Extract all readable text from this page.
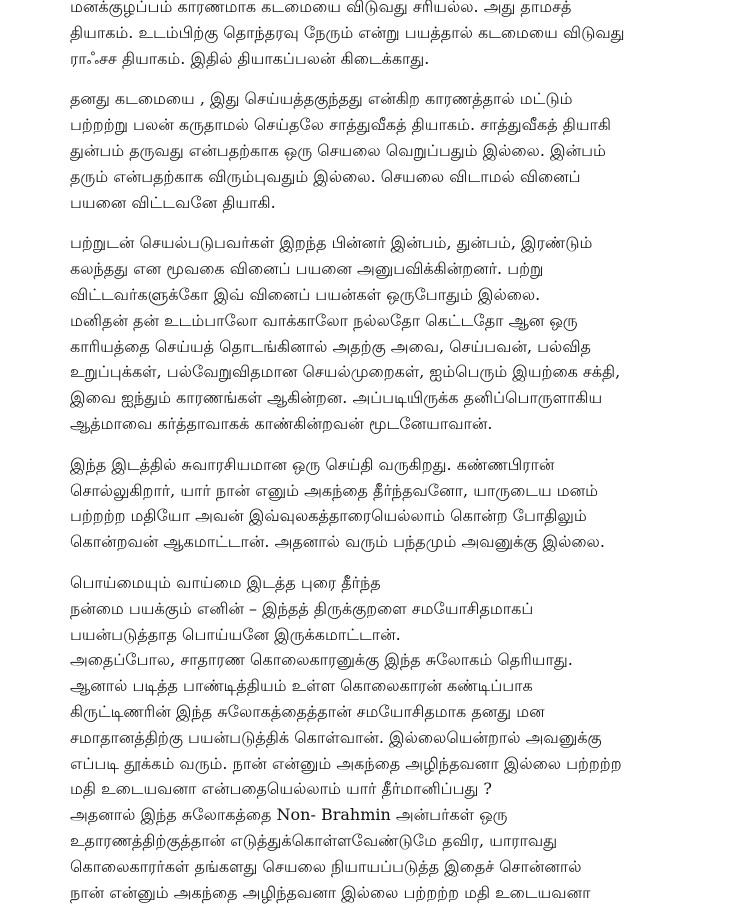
மனக்குழப்பம் காரணமாக கடமையை விடுவது சரியல்ல. அது தாமசத்
தியாகம். உடம்பிற்கு தொந்தரவு நேரும் என்று பயத்தால் கடமையை விடுவது
ராஃசச தியாகம். இதில் தியாகப்பலன் கிடைக்காது.
தனது கடமையை , இது செய்யத்தகுந்தது என்கிற காரணத்தால் மட்டும்
பற்றற்று பலன் கருதாமல் செய்தலே சாத்துவீகத் தியாகம். சாத்துவீகத் தியாகி
துன்பம் தருவது என்பதற்காக ஒரு செயலை வெறுப்பதும் இல்லை. இன்பம்
தரும் என்பதற்காக விரும்புவதும் இல்லை. செயலை விடாமல் வினைப்
பயனை விட்டவனே தியாகி.
பற்றுடன் செயல்படுபவர்கள் இறந்த பின்னர் இன்பம், துன்பம், இரண்டும்
கலந்தது என மூவகை வினைப் பயனை அனுபவிக்கின்றனர். பற்று
விட்டவர்களுக்கோ இவ் வினைப் பயன்கள் ஒருபோதும் இல்லை.
மனிதன் தன் உடம்பாலோ வாக்காலோ நல்லதோ கெட்டதோ ஆன ஒரு
காரியத்தை செய்யத் தொடங்கினால் அதற்கு அவை, செய்பவன், பல்வித
உறுப்புக்கள், பல்வேறுவிதமான செயல்முறைகள், ஐம்பெரும் இயற்கை சக்தி,
இவை ஐந்தும் காரணங்கள் ஆகின்றன. அப்படியிருக்க தனிப்பொருளாகிய
ஆத்மாவை கர்த்தாவாகக் காண்கின்றவன் மூடனேயாவான்.
இந்த இடத்தில் சுவாரசியமான ஒரு செய்தி வருகிறது. கண்ணபிரான்
சொல்லுகிறார், யார் நான் எனும் அகந்தை தீர்ந்தவனோ, யாருடைய மனம்
பற்றற்ற மதியோ அவன் இவ்வுலகத்தாரையெல்லாம் கொன்ற போதிலும்
கொன்றவன் ஆகமாட்டான். அதனால் வரும் பந்தமும் அவனுக்கு இல்லை.
பொய்மையும் வாய்மை இடத்த புரை தீர்ந்த
நன்மை பயக்கும் எனின் – இந்தத் திருக்குறளை சமயோசிதமாகப்
பயன்படுத்தாத பொய்யனே இருக்கமாட்டான்.
அதைப்போல, சாதாரண கொலைகாரனுக்கு இந்த சுலோகம் தெரியாது.
ஆனால் படித்த பாண்டித்தியம் உள்ள கொலைகாரன் கண்டிப்பாக
கிருட்டிணரின் இந்த சுலோகத்தைத்தான் சமயோசிதமாக தனது மன
சமாதானத்திற்கு பயன்படுத்திக் கொள்வான். இல்லையென்றால் அவனுக்கு
எப்படி தூக்கம் வரும். நான் என்னும் அகந்தை அழிந்தவனா இல்லை பற்றற்ற
மதி உடையவனா என்பதையெல்லாம் யார் தீர்மானிப்பது ?
அதனால் இந்த சுலோகத்தை Non- Brahmin அன்பர்கள் ஒரு
உதாரணத்திற்குத்தான் எடுத்துக்கொள்ளவேண்டுமே தவிர, யாராவது
கொலைகாரர்கள் தங்களது செயலை நியாயப்படுத்த இதைச் சொன்னால்
நான் என்னும் அகந்தை அழிந்தவனா இல்லை பற்றற்ற மதி உடையவனா
